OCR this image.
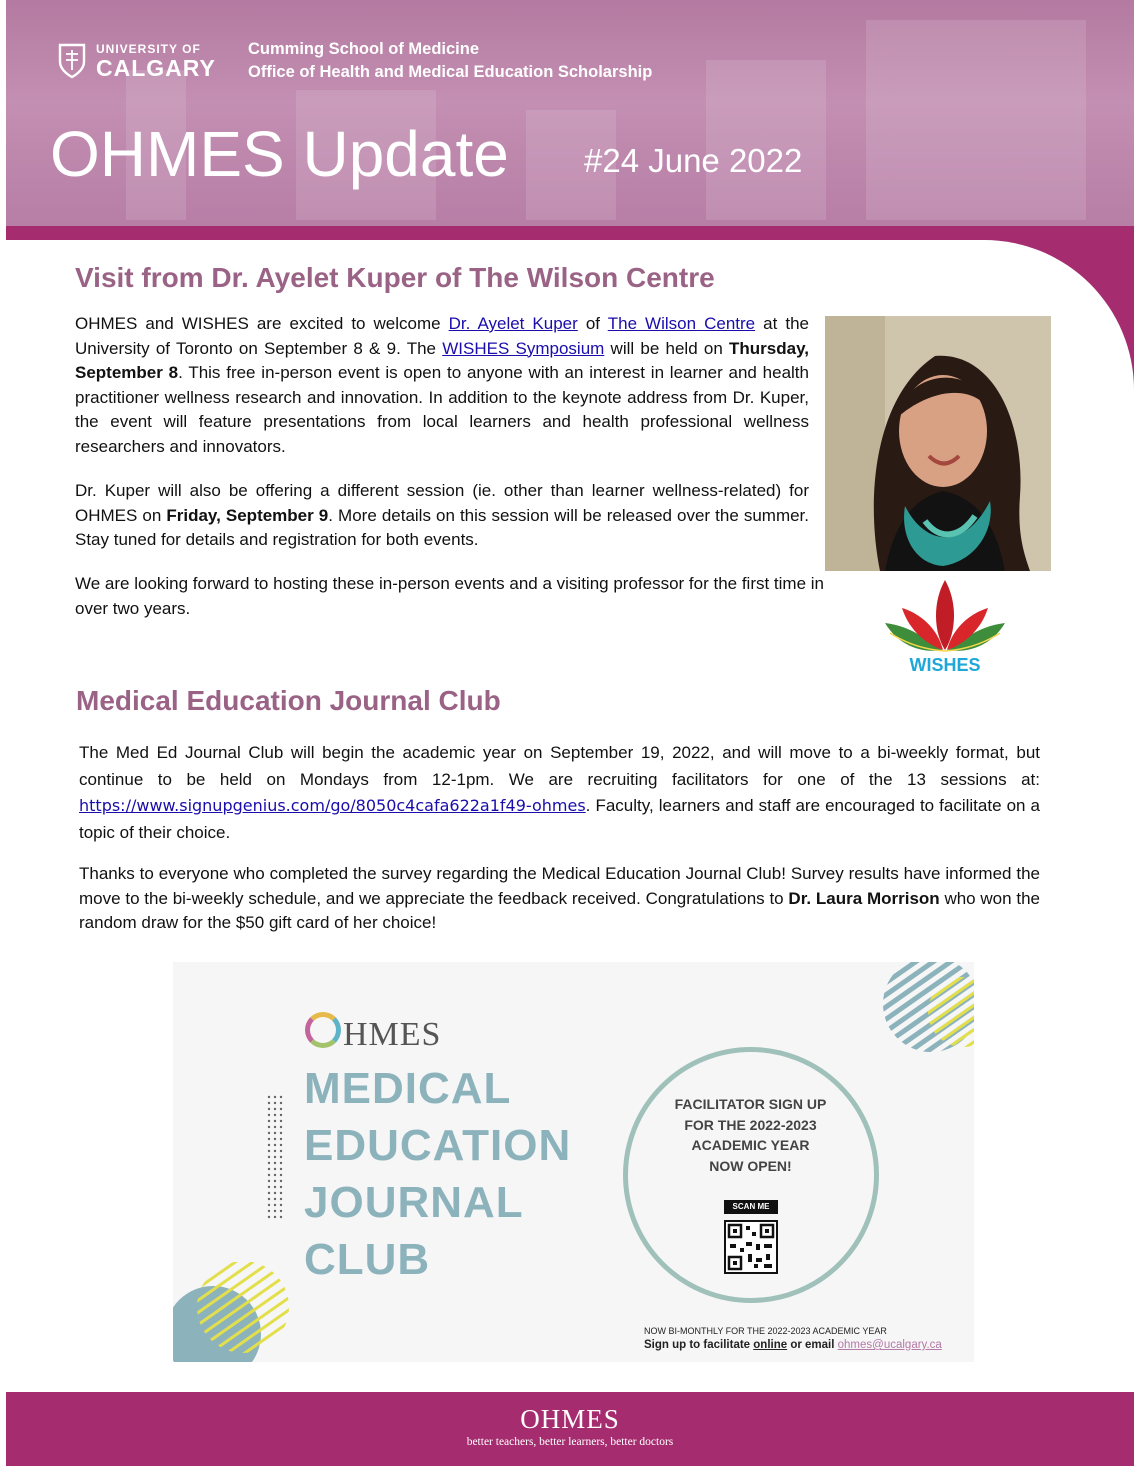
UNIVERSITY OF
CALGARY
Cumming School of Medicine
Office of Health and Medical Education Scholarship
OHMES Update #24 June 2022
Visit from Dr. Ayelet Kuper of The Wilson Centre

OHMES and WISHES are excited to welcome Dr. Ayelet Kuper of The Wilson Centre at the University of Toronto on September 8 & 9. The WISHES Symposium will be held on Thursday, September 8. This free in-person event is open to anyone with an interest in learner and health practitioner wellness research and innovation. In addition to the keynote address from Dr. Kuper, the event will feature presentations from local learners and health professional wellness researchers and innovators.

Dr. Kuper will also be offering a different session (ie. other than learner wellness-related) for OHMES on Friday, September 9. More details on this session will be released over the summer. Stay tuned for details and registration for both events.

We are looking forward to hosting these in-person events and a visiting professor for the first time in over two years.

WISHES
Medical Education Journal Club

The Med Ed Journal Club will begin the academic year on September 19, 2022, and will move to a bi-weekly format, but continue to be held on Mondays from 12-1pm. We are recruiting facilitators for one of the 13 sessions at: https://www.signupgenius.com/go/8050c4cafa622a1f49-ohmes. Faculty, learners and staff are encouraged to facilitate on a topic of their choice.

Thanks to everyone who completed the survey regarding the Medical Education Journal Club! Survey results have informed the move to the bi-weekly schedule, and we appreciate the feedback received. Congratulations to Dr. Laura Morrison who won the random draw for the $50 gift card of her choice!

HMES
MEDICAL
EDUCATION
JOURNAL
CLUB
FACILITATOR SIGN UP
FOR THE 2022-2023
ACADEMIC YEAR
NOW OPEN!
SCAN ME
NOW BI-MONTHLY FOR THE 2022-2023 ACADEMIC YEAR
Sign up to facilitate online or email ohmes@ucalgary.ca
OHMES
better teachers, better learners, better doctors
